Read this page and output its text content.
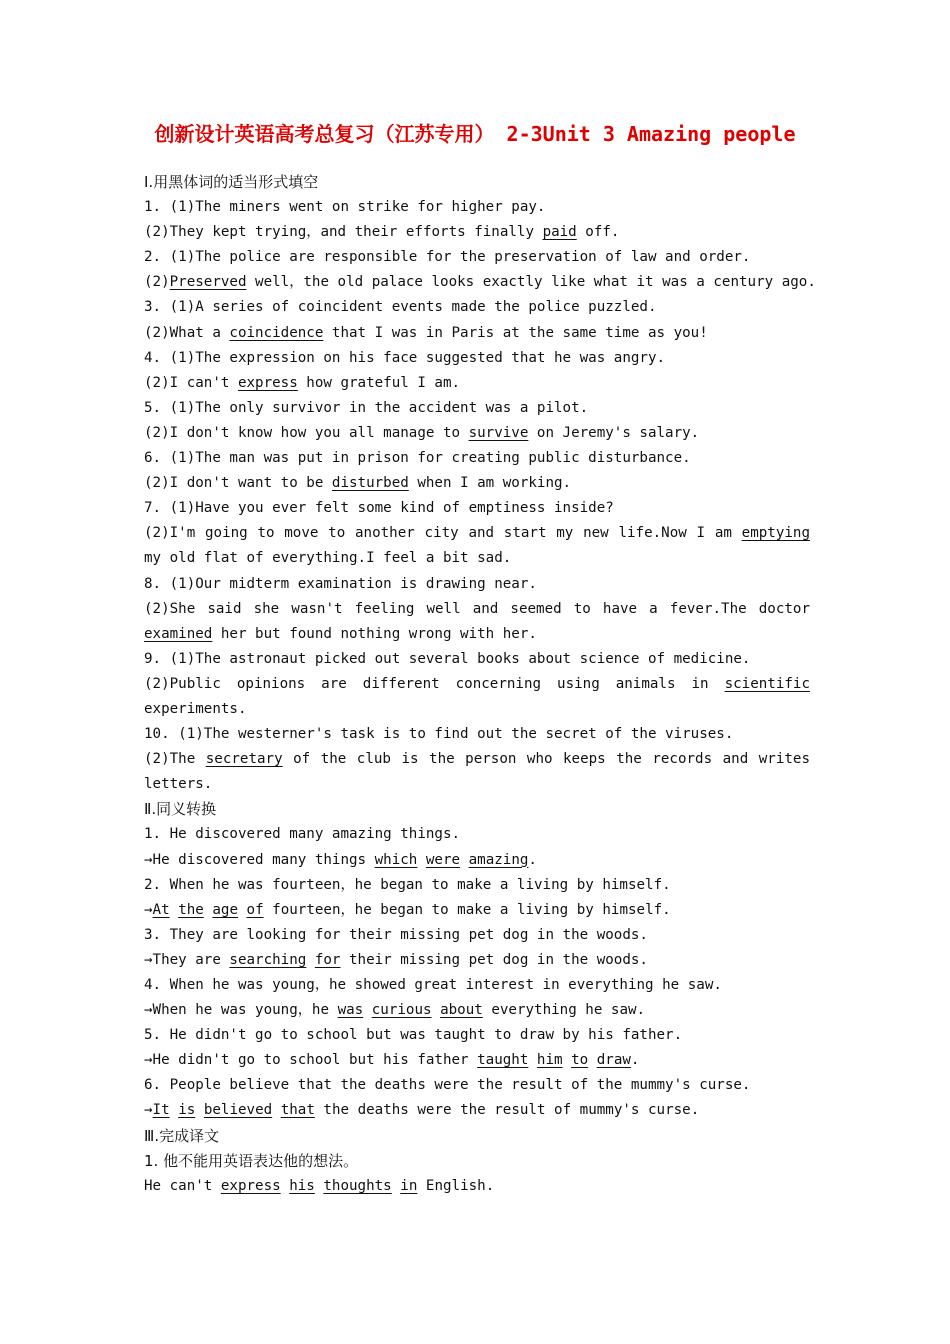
创新设计英语高考总复习（江苏专用） 2-3Unit 3 Amazing people
Ⅰ.用黑体词的适当形式填空
1. (1)The miners went on strike for higher pay.
(2)They kept trying，and their efforts finally paid off.
2. (1)The police are responsible for the preservation of law and order.
(2)Preserved well，the old palace looks exactly like what it was a century ago.
3. (1)A series of coincident events made the police puzzled.
(2)What a coincidence that I was in Paris at the same time as you!
4. (1)The expression on his face suggested that he was angry.
(2)I can't express how grateful I am.
5. (1)The only survivor in the accident was a pilot.
(2)I don't know how you all manage to survive on Jeremy's salary.
6. (1)The man was put in prison for creating public disturbance.
(2)I don't want to be disturbed when I am working.
7. (1)Have you ever felt some kind of emptiness inside?
(2)I'm going to move to another city and start my new life.Now I am emptying my old flat of everything.I feel a bit sad.
8. (1)Our midterm examination is drawing near.
(2)She said she wasn't feeling well and seemed to have a fever.The doctor examined her but found nothing wrong with her.
9. (1)The astronaut picked out several books about science of medicine.
(2)Public opinions are different concerning using animals in scientific experiments.
10. (1)The westerner's task is to find out the secret of the viruses.
(2)The secretary of the club is the person who keeps the records and writes letters.
Ⅱ.同义转换
1. He discovered many amazing things.
→He discovered many things which were amazing.
2. When he was fourteen，he began to make a living by himself.
→At the age of fourteen，he began to make a living by himself.
3. They are looking for their missing pet dog in the woods.
→They are searching for their missing pet dog in the woods.
4. When he was young，he showed great interest in everything he saw.
→When he was young，he was curious about everything he saw.
5. He didn't go to school but was taught to draw by his father.
→He didn't go to school but his father taught him to draw.
6. People believe that the deaths were the result of the mummy's curse.
→It is believed that the deaths were the result of mummy's curse.
Ⅲ.完成译文
1. 他不能用英语表达他的想法。
He can't express his thoughts in English.
